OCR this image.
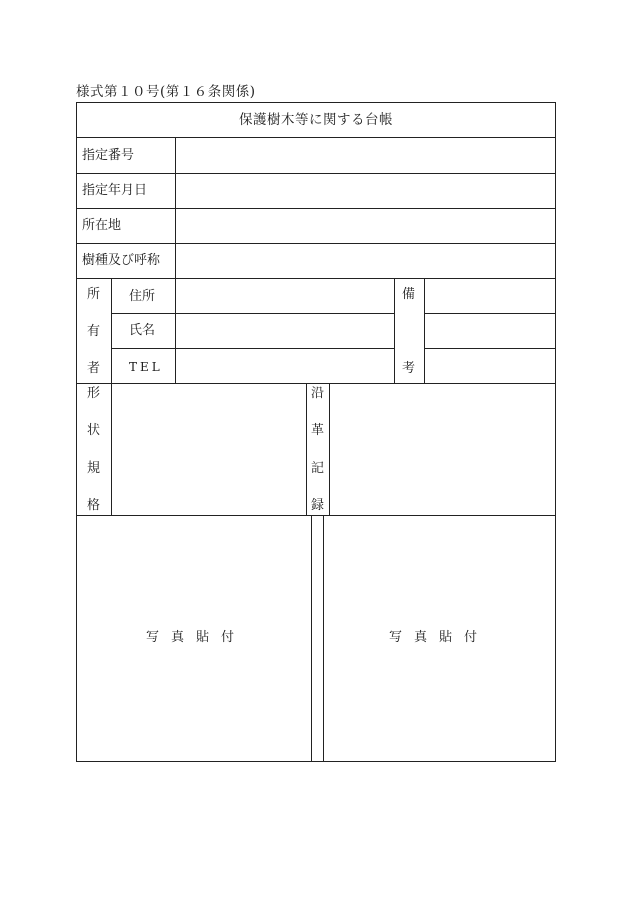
様式第１０号(第１６条関係)
保護樹木等に関する台帳
指定番号
指定年月日
所在地
樹種及び呼称
所
有
者
住所
氏名
TEL
備
考
形
状
規
格
沿
革
記
録
写真貼付	写真貼付
